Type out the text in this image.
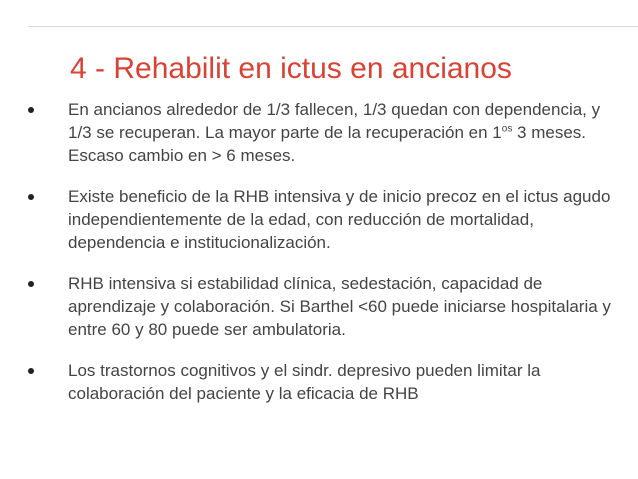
4 - Rehabilit en ictus en ancianos
En ancianos alrededor de 1/3 fallecen, 1/3 quedan con dependencia, y 1/3 se recuperan. La mayor parte de la recuperación en $1^{os}$ 3 meses. Escaso cambio en > 6 meses.
Existe beneficio de la RHB intensiva y de inicio precoz en el ictus agudo independientemente de la edad, con reducción de mortalidad, dependencia e institucionalización.
RHB intensiva si estabilidad clínica, sedestación, capacidad de aprendizaje y colaboración. Si Barthel <60 puede iniciarse hospitalaria y entre 60 y 80 puede ser ambulatoria.
Los trastornos cognitivos y el sindr. depresivo pueden limitar la colaboración del paciente y la eficacia de RHB
